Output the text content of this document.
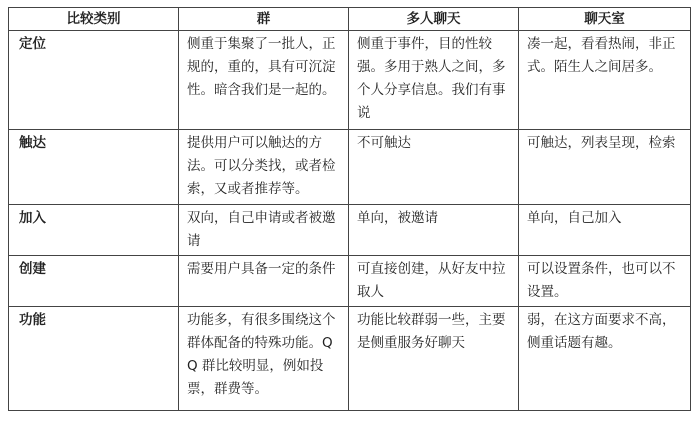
比较类别	群	多人聊天	聊天室
定位	侧重于集聚了一批人，正规的，重的，具有可沉淀性。暗含我们是一起的。	侧重于事件，目的性较强。多用于熟人之间，多个人分享信息。我们有事说	凑一起，看看热闹，非正式。陌生人之间居多。
触达	提供用户可以触达的方法。可以分类找，或者检索，又或者推荐等。	不可触达	可触达，列表呈现，检索
加入	双向，自己申请或者被邀请	单向，被邀请	单向，自己加入
创建	需要用户具备一定的条件	可直接创建，从好友中拉取人	可以设置条件，也可以不设置。
功能	功能多，有很多围绕这个群体配备的特殊功能。QQ 群比较明显，例如投票，群费等。	功能比较群弱一些，主要是侧重服务好聊天	弱，在这方面要求不高，侧重话题有趣。
